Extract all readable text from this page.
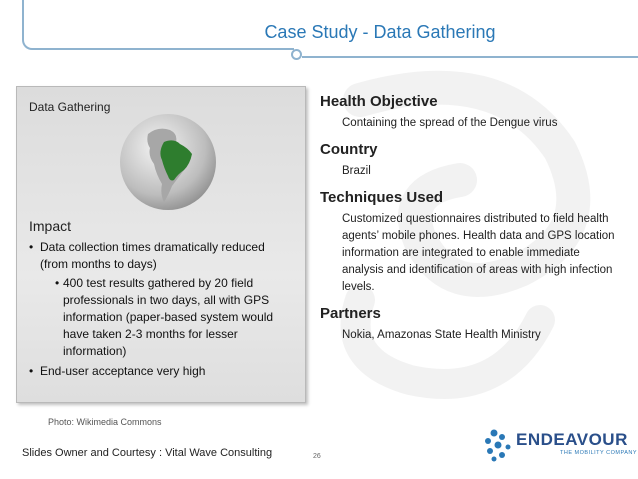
Case Study - Data Gathering
Data Gathering
Impact
• Data collection times dramatically reduced (from months to days)
• 400 test results gathered by 20 field professionals in two days, all with GPS information (paper-based system would have taken 2-3 months for lesser information)
• End-user acceptance very high
Photo: Wikimedia Commons
Health Objective

Containing the spread of the Dengue virus

Country

Brazil

Techniques Used

Customized questionnaires distributed to field health agents’ mobile phones. Health data and GPS location information are integrated to enable immediate analysis and identification of areas with high infection levels.

Partners

Nokia, Amazonas State Health Ministry

Slides Owner and Courtesy : Vital Wave Consulting	26
ENDEAVOUR
THE MOBILITY COMPANY
